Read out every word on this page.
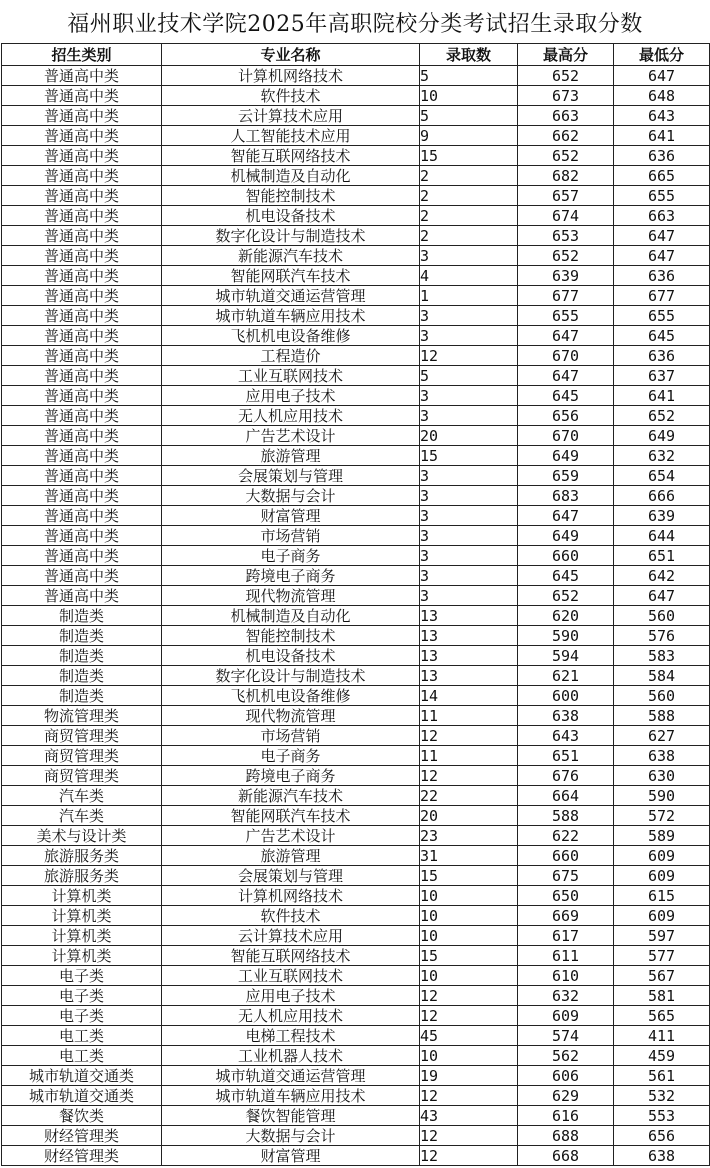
福州职业技术学院2025年高职院校分类考试招生录取分数
招生类别	专业名称	录取数	最高分	最低分
普通高中类	计算机网络技术	5	652	647
普通高中类	软件技术	10	673	648
普通高中类	云计算技术应用	5	663	643
普通高中类	人工智能技术应用	9	662	641
普通高中类	智能互联网络技术	15	652	636
普通高中类	机械制造及自动化	2	682	665
普通高中类	智能控制技术	2	657	655
普通高中类	机电设备技术	2	674	663
普通高中类	数字化设计与制造技术	2	653	647
普通高中类	新能源汽车技术	3	652	647
普通高中类	智能网联汽车技术	4	639	636
普通高中类	城市轨道交通运营管理	1	677	677
普通高中类	城市轨道车辆应用技术	3	655	655
普通高中类	飞机机电设备维修	3	647	645
普通高中类	工程造价	12	670	636
普通高中类	工业互联网技术	5	647	637
普通高中类	应用电子技术	3	645	641
普通高中类	无人机应用技术	3	656	652
普通高中类	广告艺术设计	20	670	649
普通高中类	旅游管理	15	649	632
普通高中类	会展策划与管理	3	659	654
普通高中类	大数据与会计	3	683	666
普通高中类	财富管理	3	647	639
普通高中类	市场营销	3	649	644
普通高中类	电子商务	3	660	651
普通高中类	跨境电子商务	3	645	642
普通高中类	现代物流管理	3	652	647
制造类	机械制造及自动化	13	620	560
制造类	智能控制技术	13	590	576
制造类	机电设备技术	13	594	583
制造类	数字化设计与制造技术	13	621	584
制造类	飞机机电设备维修	14	600	560
物流管理类	现代物流管理	11	638	588
商贸管理类	市场营销	12	643	627
商贸管理类	电子商务	11	651	638
商贸管理类	跨境电子商务	12	676	630
汽车类	新能源汽车技术	22	664	590
汽车类	智能网联汽车技术	20	588	572
美术与设计类	广告艺术设计	23	622	589
旅游服务类	旅游管理	31	660	609
旅游服务类	会展策划与管理	15	675	609
计算机类	计算机网络技术	10	650	615
计算机类	软件技术	10	669	609
计算机类	云计算技术应用	10	617	597
计算机类	智能互联网络技术	15	611	577
电子类	工业互联网技术	10	610	567
电子类	应用电子技术	12	632	581
电子类	无人机应用技术	12	609	565
电工类	电梯工程技术	45	574	411
电工类	工业机器人技术	10	562	459
城市轨道交通类	城市轨道交通运营管理	19	606	561
城市轨道交通类	城市轨道车辆应用技术	12	629	532
餐饮类	餐饮智能管理	43	616	553
财经管理类	大数据与会计	12	688	656
财经管理类	财富管理	12	668	638
